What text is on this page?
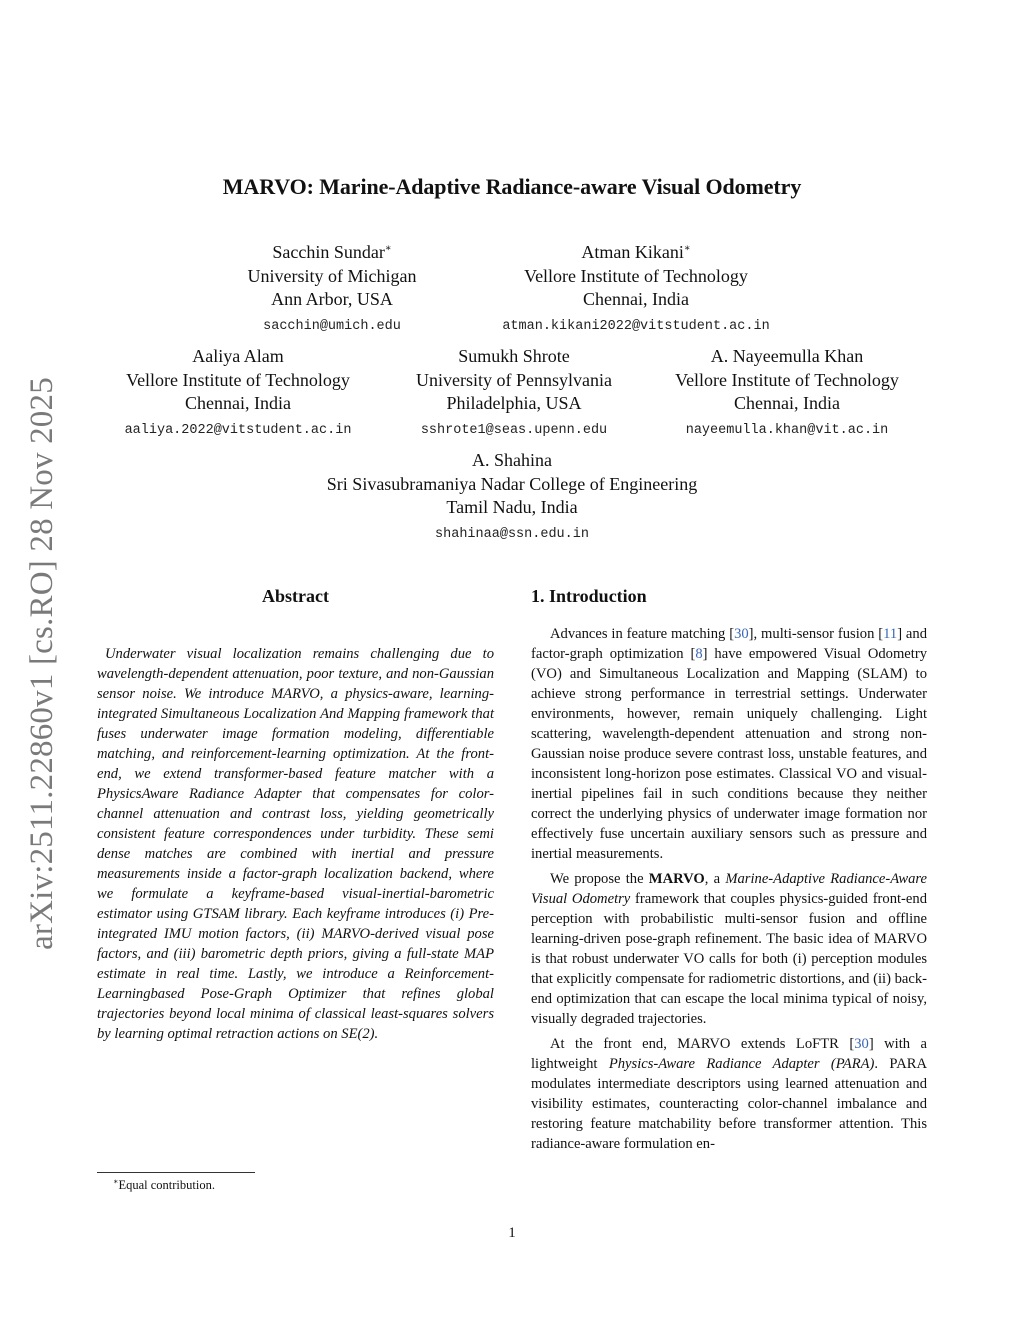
arXiv:2511.22860v1 [cs.RO] 28 Nov 2025
MARVO: Marine-Adaptive Radiance-aware Visual Odometry
Sacchin Sundar∗
University of Michigan
Ann Arbor, USA
sacchin@umich.edu
Atman Kikani∗
Vellore Institute of Technology
Chennai, India
atman.kikani2022@vitstudent.ac.in
Aaliya Alam
Vellore Institute of Technology
Chennai, India
aaliya.2022@vitstudent.ac.in
Sumukh Shrote
University of Pennsylvania
Philadelphia, USA
sshrote1@seas.upenn.edu
A. Nayeemulla Khan
Vellore Institute of Technology
Chennai, India
nayeemulla.khan@vit.ac.in
A. Shahina
Sri Sivasubramaniya Nadar College of Engineering
Tamil Nadu, India
shahinaa@ssn.edu.in
Abstract

Underwater visual localization remains challenging due to wavelength-dependent attenuation, poor texture, and non-Gaussian sensor noise. We introduce MARVO, a physics-aware, learning-integrated Simultaneous Localization And Mapping framework that fuses underwater image formation modeling, differentiable matching, and reinforcement-learning optimization. At the front-end, we extend transformer-based feature matcher with a PhysicsAware Radiance Adapter that compensates for color-channel attenuation and contrast loss, yielding geometrically consistent feature correspondences under turbidity. These semi dense matches are combined with inertial and pressure measurements inside a factor-graph localization backend, where we formulate a keyframe-based visual-inertial-barometric estimator using GTSAM library. Each keyframe introduces (i) Pre-integrated IMU motion factors, (ii) MARVO-derived visual pose factors, and (iii) barometric depth priors, giving a full-state MAP estimate in real time. Lastly, we introduce a Reinforcement-Learningbased Pose-Graph Optimizer that refines global trajectories beyond local minima of classical least-squares solvers by learning optimal retraction actions on SE(2).

1. Introduction

Advances in feature matching [30], multi-sensor fusion [11] and factor-graph optimization [8] have empowered Visual Odometry (VO) and Simultaneous Localization and Mapping (SLAM) to achieve strong performance in terrestrial settings. Underwater environments, however, remain uniquely challenging. Light scattering, wavelength-dependent attenuation and strong non-Gaussian noise produce severe contrast loss, unstable features, and inconsistent long-horizon pose estimates. Classical VO and visual-inertial pipelines fail in such conditions because they neither correct the underlying physics of underwater image formation nor effectively fuse uncertain auxiliary sensors such as pressure and inertial measurements.

We propose the MARVO, a Marine-Adaptive Radiance-Aware Visual Odometry framework that couples physics-guided front-end perception with probabilistic multi-sensor fusion and offline learning-driven pose-graph refinement. The basic idea of MARVO is that robust underwater VO calls for both (i) perception modules that explicitly compensate for radiometric distortions, and (ii) back-end optimization that can escape the local minima typical of noisy, visually degraded trajectories.

At the front end, MARVO extends LoFTR [30] with a lightweight Physics-Aware Radiance Adapter (PARA). PARA modulates intermediate descriptors using learned attenuation and visibility estimates, counteracting color-channel imbalance and restoring feature matchability before transformer attention. This radiance-aware formulation en-

∗Equal contribution.
1
